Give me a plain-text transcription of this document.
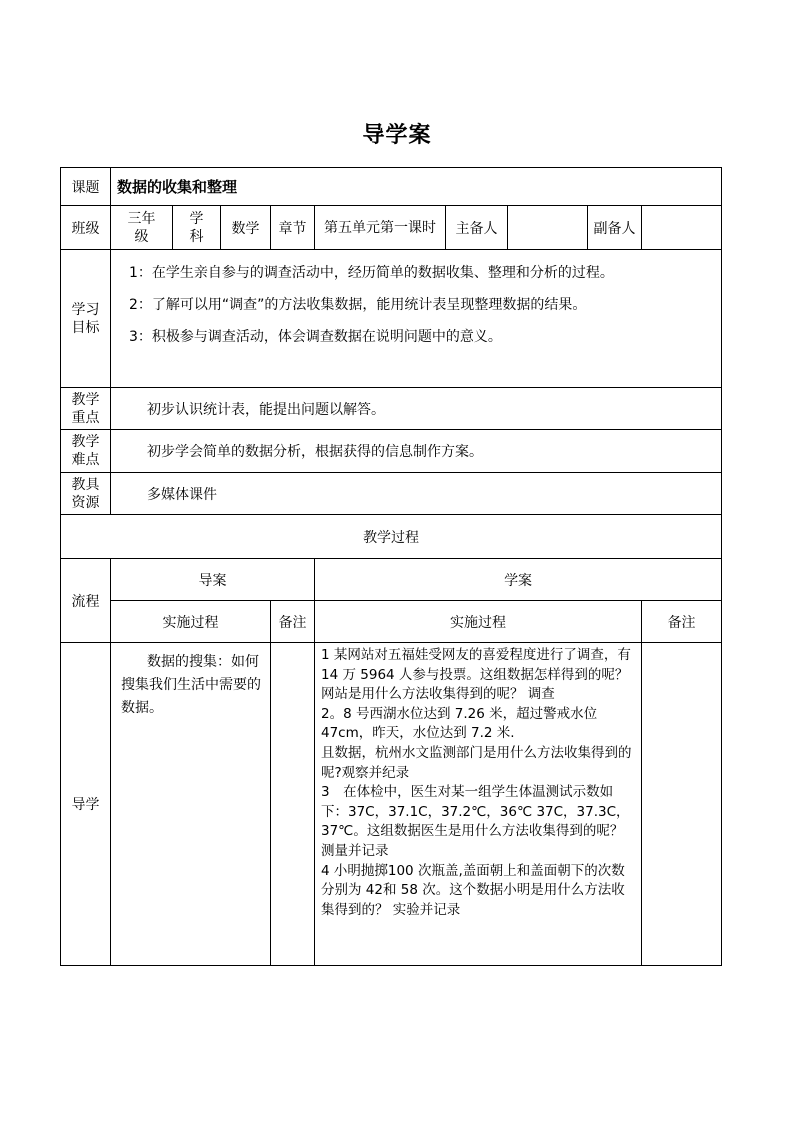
导学案
课题	数据的收集和整理								
班级	三年级	学科	数学	章节	第五单元第一课时	主备人		副备人	
学习目标	1：在学生亲自参与的调查活动中，经历简单的数据收集、整理和分析的过程。
2：了解可以用“调查”的方法收集数据，能用统计表呈现整理数据的结果。
3：积极参与调查活动，体会调查数据在说明问题中的意义。								

教学重点	初步认识统计表，能提出问题以解答。								
教学难点	初步学会简单的数据分析，根据获得的信息制作方案。								
教具资源	多媒体课件								
教学过程									
流程	导案				学案				
	实施过程			备注	实施过程				备注
导学	数据的搜集：如何搜集我们生活中需要的数据。				1 某网站对五福娃受网友的喜爱程度进行了调查，有 14 万 5964 人参与投票。这组数据怎样得到的呢？网站是用什么方法收集得到的呢？ 调查
2。8 号西湖水位达到 7.26 米，超过警戒水位 47cm，昨天，水位达到 7.2 米.
且数据，杭州水文监测部门是用什么方法收集得到的呢?观察并纪录
3　在体检中，医生对某一组学生体温测试示数如下：37C，37.1C，37.2℃，36℃ 37C，37.3C，37℃。这组数据医生是用什么方法收集得到的呢？测量并记录
4 小明抛掷100 次瓶盖,盖面朝上和盖面朝下的次数分别为 42和 58 次。这个数据小明是用什么方法收集得到的？ 实验并记录				
